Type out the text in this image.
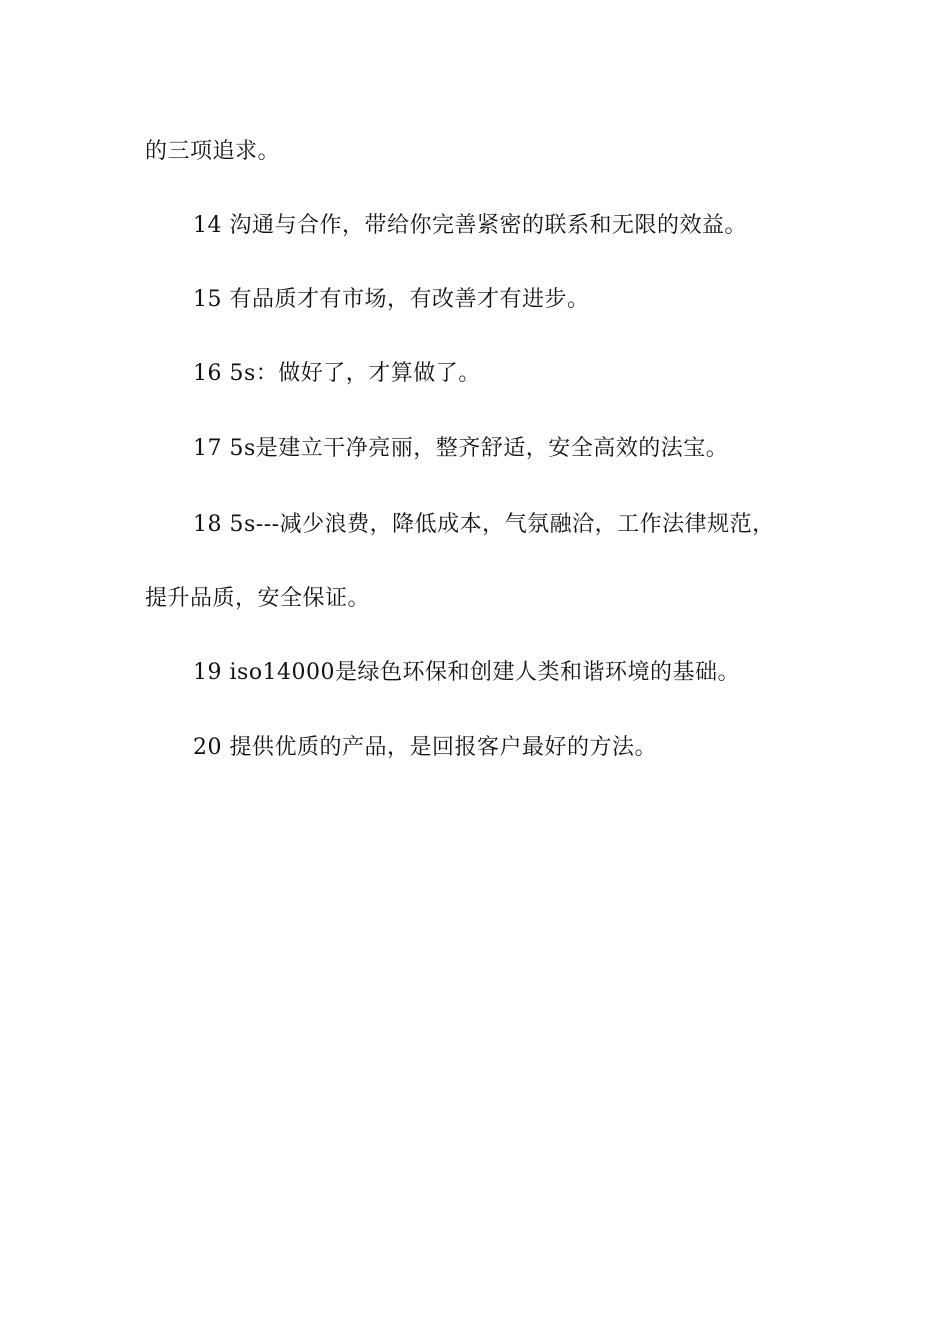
的三项追求。
14 沟通与合作，带给你完善紧密的联系和无限的效益。
15 有品质才有市场，有改善才有进步。
16 5s：做好了，才算做了。
17 5s是建立干净亮丽，整齐舒适，安全高效的法宝。
18 5s---减少浪费，降低成本，气氛融洽，工作法律规范，
提升品质，安全保证。
19 iso14000是绿色环保和创建人类和谐环境的基础。
20 提供优质的产品，是回报客户最好的方法。
